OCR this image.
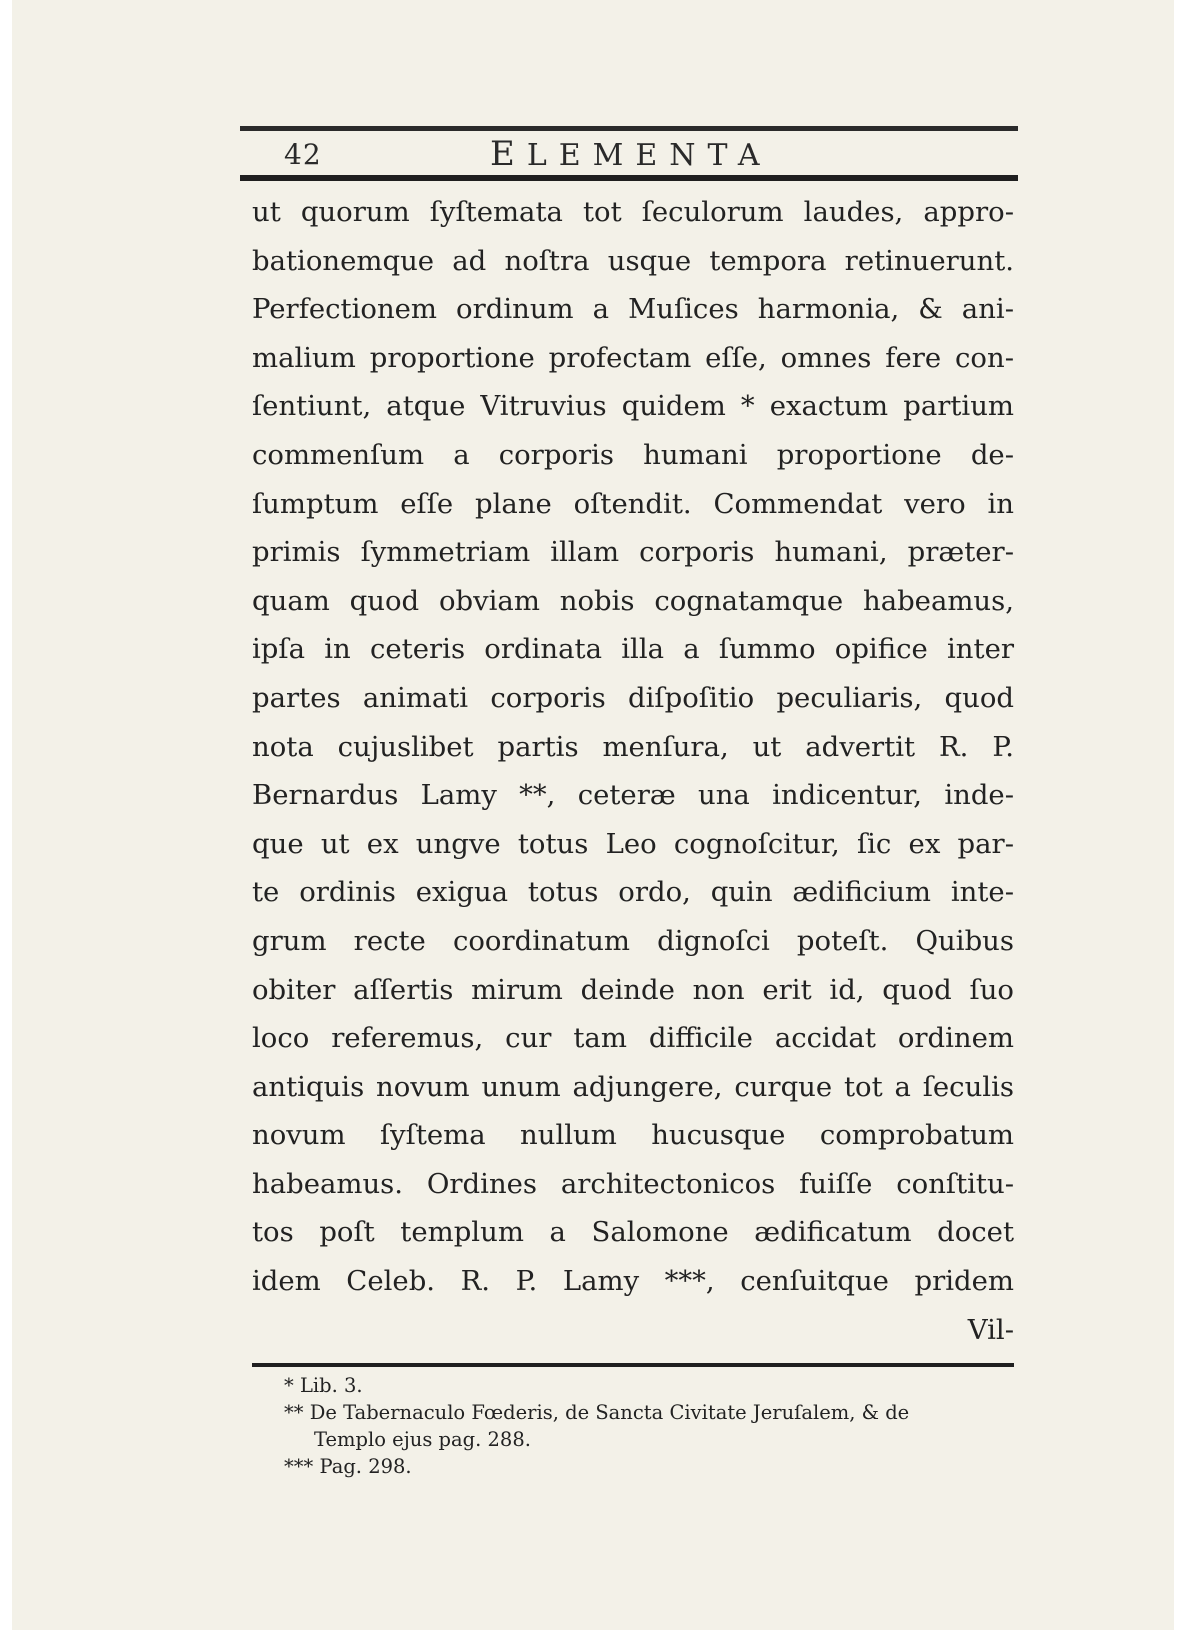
42	ELEMENTA
ut quorum ſyſtemata tot ſeculorum laudes, appro-
bationemque ad noſtra usque tempora retinuerunt.
Perfectionem ordinum a Muſices harmonia, & ani-
malium proportione profectam eſſe, omnes fere con-
ſentiunt, atque Vitruvius quidem * exactum partium
commenſum a corporis humani proportione de-
ſumptum eſſe plane oſtendit. Commendat vero in
primis ſymmetriam illam corporis humani, præter-
quam quod obviam nobis cognatamque habeamus,
ipſa in ceteris ordinata illa a ſummo opifice inter
partes animati corporis diſpoſitio peculiaris, quod
nota cujuslibet partis menſura, ut advertit R. P.
Bernardus Lamy **, ceteræ una indicentur, inde-
que ut ex ungve totus Leo cognoſcitur, ſic ex par-
te ordinis exigua totus ordo, quin ædificium inte-
grum recte coordinatum dignoſci poteſt. Quibus
obiter aſſertis mirum deinde non erit id, quod ſuo
loco referemus, cur tam difficile accidat ordinem
antiquis novum unum adjungere, curque tot a ſeculis
novum ſyſtema nullum hucusque comprobatum
habeamus. Ordines architectonicos fuiſſe conſtitu-
tos poſt templum a Salomone ædificatum docet
idem Celeb. R. P. Lamy ***, cenſuitque pridem
Vil-
* Lib. 3.
** De Tabernaculo Fœderis, de Sancta Civitate Jeruſalem, & de
Templo ejus pag. 288.
*** Pag. 298.
